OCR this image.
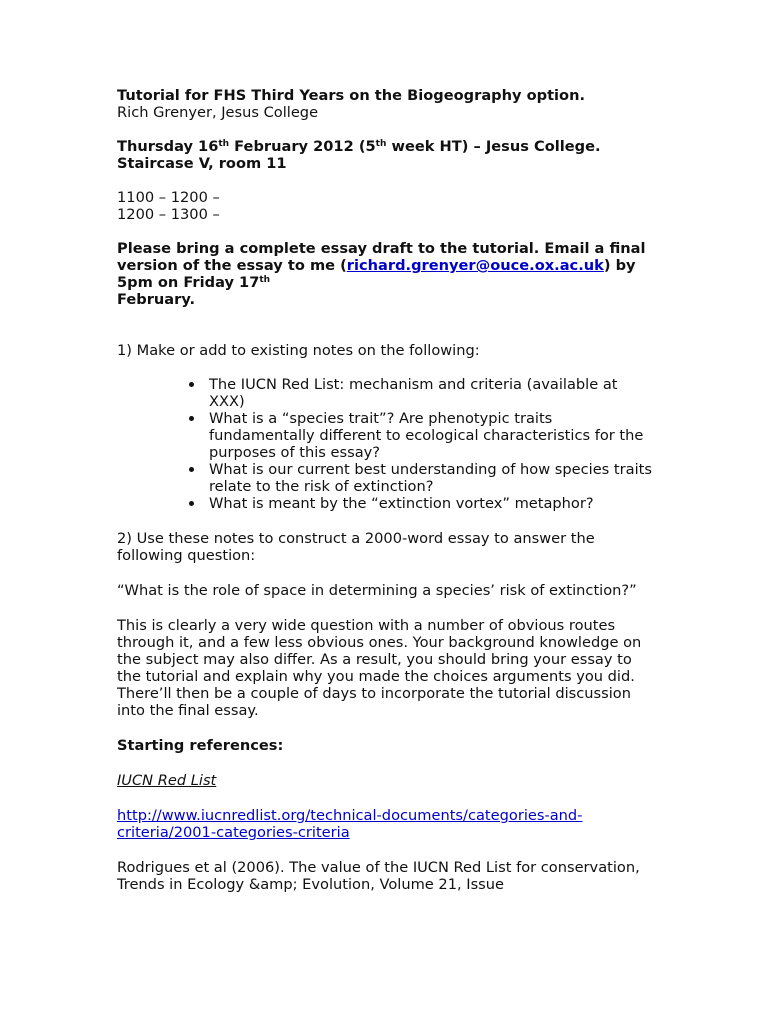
Tutorial for FHS Third Years on the Biogeography option.

Rich Grenyer, Jesus College

Thursday 16th February 2012 (5th week HT) – Jesus College.

Staircase V, room 11

1100 – 1200 –

1200 – 1300 –

Please bring a complete essay draft to the tutorial. Email a final version of the essay to me (richard.grenyer@ouce.ox.ac.uk) by 5pm on Friday 17th
February.

1) Make or add to existing notes on the following:

The IUCN Red List: mechanism and criteria (available at XXX)
What is a “species trait”? Are phenotypic traits fundamentally different to ecological characteristics for the purposes of this essay?
What is our current best understanding of how species traits relate to the risk of extinction?
What is meant by the “extinction vortex” metaphor?

2) Use these notes to construct a 2000-word essay to answer the following question:

“What is the role of space in determining a species’ risk of extinction?”

This is clearly a very wide question with a number of obvious routes through it, and a few less obvious ones. Your background knowledge on the subject may also differ. As a result, you should bring your essay to the tutorial and explain why you made the choices arguments you did. There’ll then be a couple of days to incorporate the tutorial discussion into the final essay.

Starting references:

IUCN Red List

http://www.iucnredlist.org/technical-documents/categories-and-criteria/2001-categories-criteria

Rodrigues et al (2006). The value of the IUCN Red List for conservation, Trends in Ecology &amp; Evolution, Volume 21, Issue
